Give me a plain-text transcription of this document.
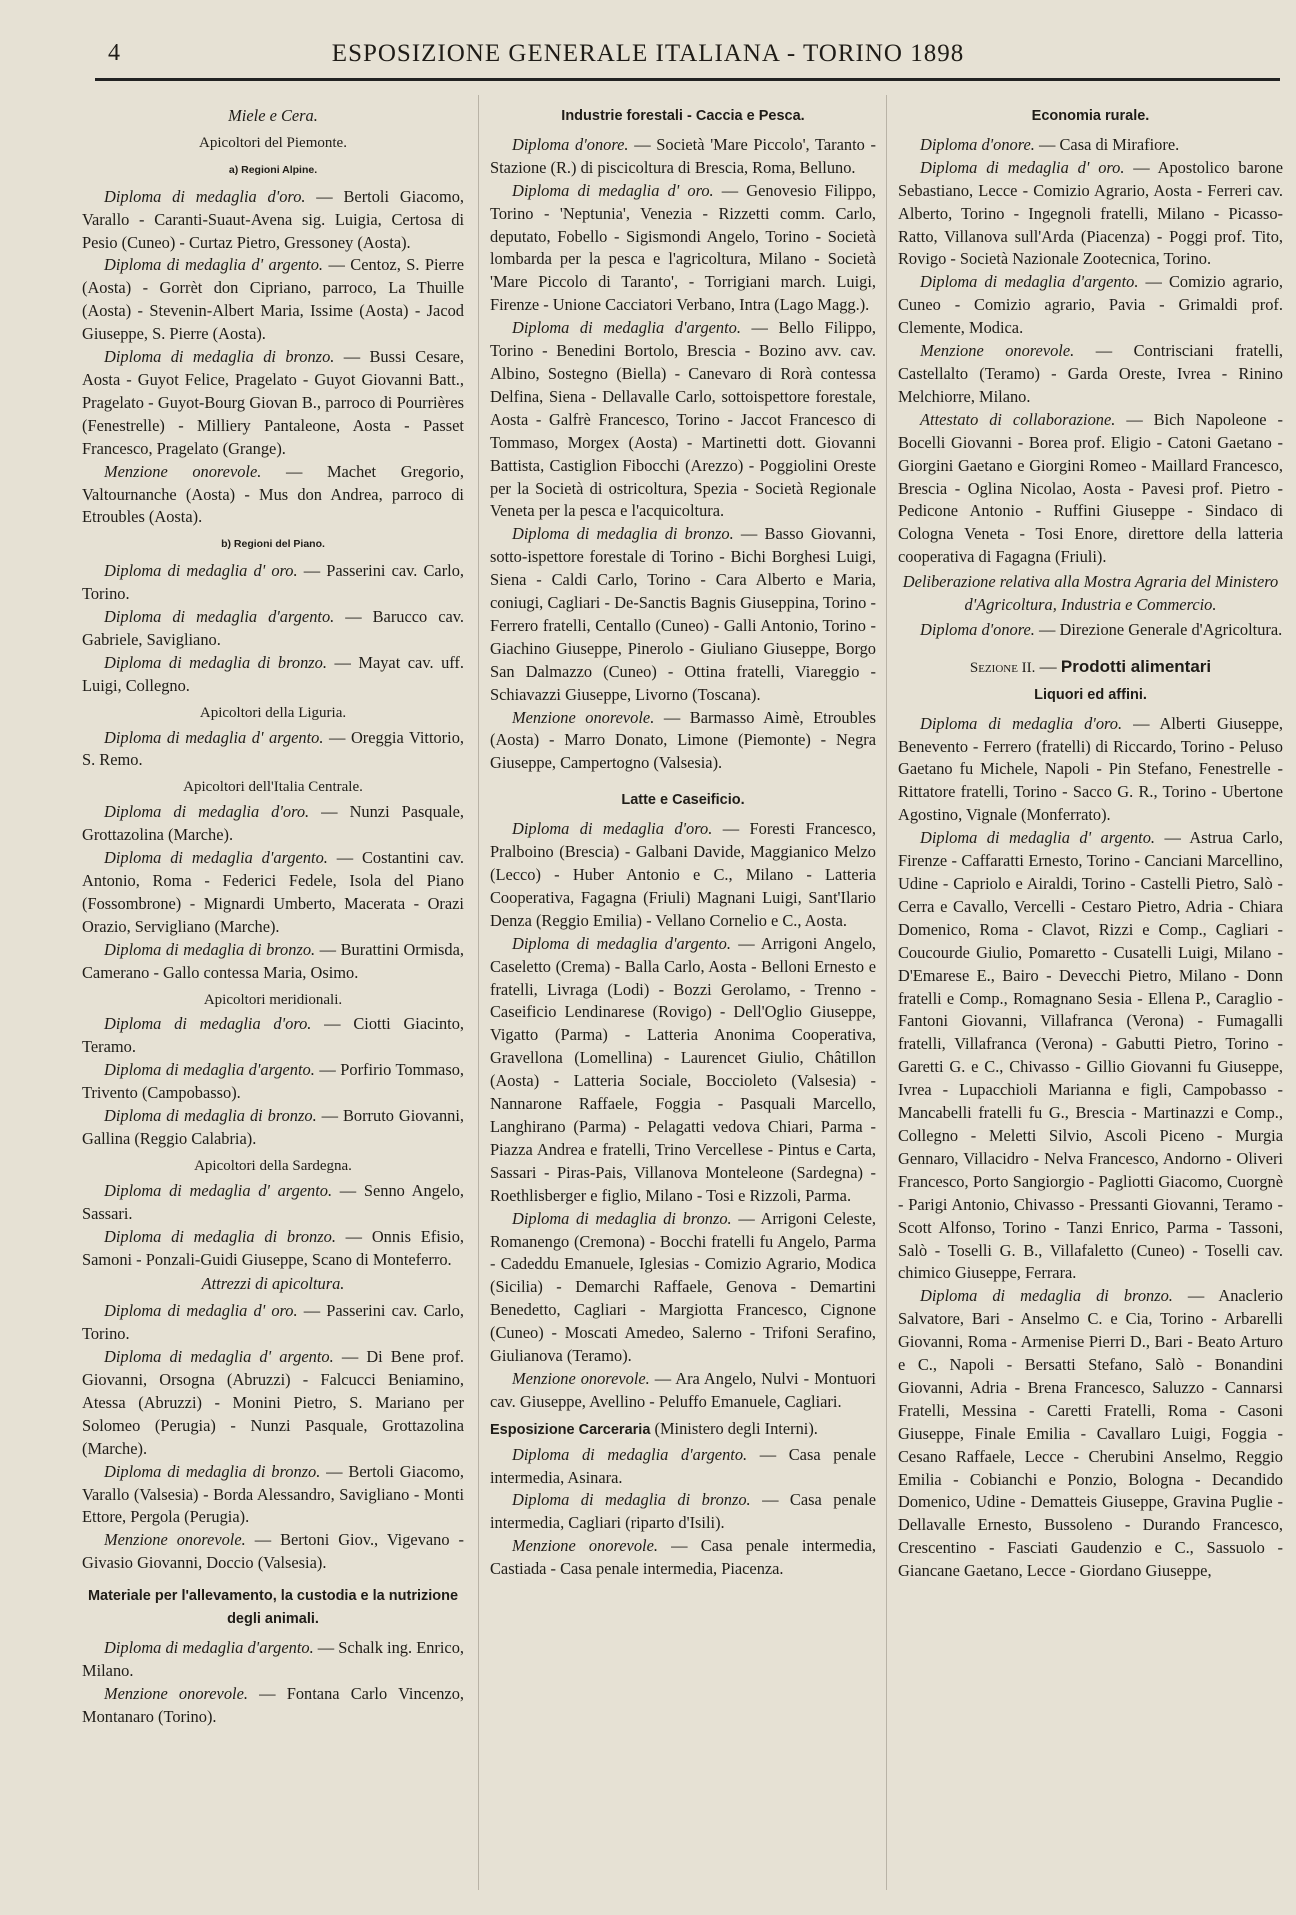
4	ESPOSIZIONE GENERALE ITALIANA - TORINO 1898
Miele e Cera.
Apicoltori del Piemonte.
a) Regioni Alpine.

Diploma di medaglia d'oro. — Bertoli Giacomo, Varallo - Caranti-Suaut-Avena sig. Luigia, Certosa di Pesio (Cuneo) - Curtaz Pietro, Gressoney (Aosta).

Diploma di medaglia d' argento. — Centoz, S. Pierre (Aosta) - Gorrèt don Cipriano, parroco, La Thuille (Aosta) - Stevenin-Albert Maria, Issime (Aosta) - Jacod Giuseppe, S. Pierre (Aosta).

Diploma di medaglia di bronzo. — Bussi Cesare, Aosta - Guyot Felice, Pragelato - Guyot Giovanni Batt., Pragelato - Guyot-Bourg Giovan B., parroco di Pourrières (Fenestrelle) - Milliery Pantaleone, Aosta - Passet Francesco, Pragelato (Grange).

Menzione onorevole. — Machet Gregorio, Valtournanche (Aosta) - Mus don Andrea, parroco di Etroubles (Aosta).

b) Regioni del Piano.

Diploma di medaglia d' oro. — Passerini cav. Carlo, Torino.

Diploma di medaglia d'argento. — Barucco cav. Gabriele, Savigliano.

Diploma di medaglia di bronzo. — Mayat cav. uff. Luigi, Collegno.

Apicoltori della Liguria.

Diploma di medaglia d' argento. — Oreggia Vittorio, S. Remo.

Apicoltori dell'Italia Centrale.

Diploma di medaglia d'oro. — Nunzi Pasquale, Grottazolina (Marche).

Diploma di medaglia d'argento. — Costantini cav. Antonio, Roma - Federici Fedele, Isola del Piano (Fossombrone) - Mignardi Umberto, Macerata - Orazi Orazio, Servigliano (Marche).

Diploma di medaglia di bronzo. — Burattini Ormisda, Camerano - Gallo contessa Maria, Osimo.

Apicoltori meridionali.

Diploma di medaglia d'oro. — Ciotti Giacinto, Teramo.

Diploma di medaglia d'argento. — Porfirio Tommaso, Trivento (Campobasso).

Diploma di medaglia di bronzo. — Borruto Giovanni, Gallina (Reggio Calabria).

Apicoltori della Sardegna.

Diploma di medaglia d' argento. — Senno Angelo, Sassari.

Diploma di medaglia di bronzo. — Onnis Efisio, Samoni - Ponzali-Guidi Giuseppe, Scano di Monteferro.

Attrezzi di apicoltura.

Diploma di medaglia d' oro. — Passerini cav. Carlo, Torino.

Diploma di medaglia d' argento. — Di Bene prof. Giovanni, Orsogna (Abruzzi) - Falcucci Beniamino, Atessa (Abruzzi) - Monini Pietro, S. Mariano per Solomeo (Perugia) - Nunzi Pasquale, Grottazolina (Marche).

Diploma di medaglia di bronzo. — Bertoli Giacomo, Varallo (Valsesia) - Borda Alessandro, Savigliano - Monti Ettore, Pergola (Perugia).

Menzione onorevole. — Bertoni Giov., Vigevano - Givasio Giovanni, Doccio (Valsesia).

Materiale per l'allevamento, la custodia e la nutrizione degli animali.

Diploma di medaglia d'argento. — Schalk ing. Enrico, Milano.

Menzione onorevole. — Fontana Carlo Vincenzo, Montanaro (Torino).

Industrie forestali - Caccia e Pesca.

Diploma d'onore. — Società 'Mare Piccolo', Taranto - Stazione (R.) di piscicoltura di Brescia, Roma, Belluno.

Diploma di medaglia d' oro. — Genovesio Filippo, Torino - 'Neptunia', Venezia - Rizzetti comm. Carlo, deputato, Fobello - Sigismondi Angelo, Torino - Società lombarda per la pesca e l'agricoltura, Milano - Società 'Mare Piccolo di Taranto', - Torrigiani march. Luigi, Firenze - Unione Cacciatori Verbano, Intra (Lago Magg.).

Diploma di medaglia d'argento. — Bello Filippo, Torino - Benedini Bortolo, Brescia - Bozino avv. cav. Albino, Sostegno (Biella) - Canevaro di Rorà contessa Delfina, Siena - Dellavalle Carlo, sottoispettore forestale, Aosta - Galfrè Francesco, Torino - Jaccot Francesco di Tommaso, Morgex (Aosta) - Martinetti dott. Giovanni Battista, Castiglion Fibocchi (Arezzo) - Poggiolini Oreste per la Società di ostricoltura, Spezia - Società Regionale Veneta per la pesca e l'acquicoltura.

Diploma di medaglia di bronzo. — Basso Giovanni, sotto-ispettore forestale di Torino - Bichi Borghesi Luigi, Siena - Caldi Carlo, Torino - Cara Alberto e Maria, coniugi, Cagliari - De-Sanctis Bagnis Giuseppina, Torino - Ferrero fratelli, Centallo (Cuneo) - Galli Antonio, Torino - Giachino Giuseppe, Pinerolo - Giuliano Giuseppe, Borgo San Dalmazzo (Cuneo) - Ottina fratelli, Viareggio - Schiavazzi Giuseppe, Livorno (Toscana).

Menzione onorevole. — Barmasso Aimè, Etroubles (Aosta) - Marro Donato, Limone (Piemonte) - Negra Giuseppe, Campertogno (Valsesia).

Latte e Caseificio.

Diploma di medaglia d'oro. — Foresti Francesco, Pralboino (Brescia) - Galbani Davide, Maggianico Melzo (Lecco) - Huber Antonio e C., Milano - Latteria Cooperativa, Fagagna (Friuli) Magnani Luigi, Sant'Ilario Denza (Reggio Emilia) - Vellano Cornelio e C., Aosta.

Diploma di medaglia d'argento. — Arrigoni Angelo, Caseletto (Crema) - Balla Carlo, Aosta - Belloni Ernesto e fratelli, Livraga (Lodi) - Bozzi Gerolamo, - Trenno - Caseificio Lendinarese (Rovigo) - Dell'Oglio Giuseppe, Vigatto (Parma) - Latteria Anonima Cooperativa, Gravellona (Lomellina) - Laurencet Giulio, Châtillon (Aosta) - Latteria Sociale, Boccioleto (Valsesia) - Nannarone Raffaele, Foggia - Pasquali Marcello, Langhirano (Parma) - Pelagatti vedova Chiari, Parma - Piazza Andrea e fratelli, Trino Vercellese - Pintus e Carta, Sassari - Piras-Pais, Villanova Monteleone (Sardegna) - Roethlisberger e figlio, Milano - Tosi e Rizzoli, Parma.

Diploma di medaglia di bronzo. — Arrigoni Celeste, Romanengo (Cremona) - Bocchi fratelli fu Angelo, Parma - Cadeddu Emanuele, Iglesias - Comizio Agrario, Modica (Sicilia) - Demarchi Raffaele, Genova - Demartini Benedetto, Cagliari - Margiotta Francesco, Cignone (Cuneo) - Moscati Amedeo, Salerno - Trifoni Serafino, Giulianova (Teramo).

Menzione onorevole. — Ara Angelo, Nulvi - Montuori cav. Giuseppe, Avellino - Peluffo Emanuele, Cagliari.

Esposizione Carceraria (Ministero degli Interni).

Diploma di medaglia d'argento. — Casa penale intermedia, Asinara.

Diploma di medaglia di bronzo. — Casa penale intermedia, Cagliari (riparto d'Isili).

Menzione onorevole. — Casa penale intermedia, Castiada - Casa penale intermedia, Piacenza.

Economia rurale.

Diploma d'onore. — Casa di Mirafiore.

Diploma di medaglia d' oro. — Apostolico barone Sebastiano, Lecce - Comizio Agrario, Aosta - Ferreri cav. Alberto, Torino - Ingegnoli fratelli, Milano - Picasso-Ratto, Villanova sull'Arda (Piacenza) - Poggi prof. Tito, Rovigo - Società Nazionale Zootecnica, Torino.

Diploma di medaglia d'argento. — Comizio agrario, Cuneo - Comizio agrario, Pavia - Grimaldi prof. Clemente, Modica.

Menzione onorevole. — Contrisciani fratelli, Castellalto (Teramo) - Garda Oreste, Ivrea - Rinino Melchiorre, Milano.

Attestato di collaborazione. — Bich Napoleone - Bocelli Giovanni - Borea prof. Eligio - Catoni Gaetano - Giorgini Gaetano e Giorgini Romeo - Maillard Francesco, Brescia - Oglina Nicolao, Aosta - Pavesi prof. Pietro - Pedicone Antonio - Ruffini Giuseppe - Sindaco di Cologna Veneta - Tosi Enore, direttore della latteria cooperativa di Fagagna (Friuli).

Deliberazione relativa alla Mostra Agraria del Ministero d'Agricoltura, Industria e Commercio.

Diploma d'onore. — Direzione Generale d'Agricoltura.

Sezione II. — Prodotti alimentari
Liquori ed affini.

Diploma di medaglia d'oro. — Alberti Giuseppe, Benevento - Ferrero (fratelli) di Riccardo, Torino - Peluso Gaetano fu Michele, Napoli - Pin Stefano, Fenestrelle - Rittatore fratelli, Torino - Sacco G. R., Torino - Ubertone Agostino, Vignale (Monferrato).

Diploma di medaglia d' argento. — Astrua Carlo, Firenze - Caffaratti Ernesto, Torino - Canciani Marcellino, Udine - Capriolo e Airaldi, Torino - Castelli Pietro, Salò - Cerra e Cavallo, Vercelli - Cestaro Pietro, Adria - Chiara Domenico, Roma - Clavot, Rizzi e Comp., Cagliari - Coucourde Giulio, Pomaretto - Cusatelli Luigi, Milano - D'Emarese E., Bairo - Devecchi Pietro, Milano - Donn fratelli e Comp., Romagnano Sesia - Ellena P., Caraglio - Fantoni Giovanni, Villafranca (Verona) - Fumagalli fratelli, Villafranca (Verona) - Gabutti Pietro, Torino - Garetti G. e C., Chivasso - Gillio Giovanni fu Giuseppe, Ivrea - Lupacchioli Marianna e figli, Campobasso - Mancabelli fratelli fu G., Brescia - Martinazzi e Comp., Collegno - Meletti Silvio, Ascoli Piceno - Murgia Gennaro, Villacidro - Nelva Francesco, Andorno - Oliveri Francesco, Porto Sangiorgio - Pagliotti Giacomo, Cuorgnè - Parigi Antonio, Chivasso - Pressanti Giovanni, Teramo - Scott Alfonso, Torino - Tanzi Enrico, Parma - Tassoni, Salò - Toselli G. B., Villafaletto (Cuneo) - Toselli cav. chimico Giuseppe, Ferrara.

Diploma di medaglia di bronzo. — Anaclerio Salvatore, Bari - Anselmo C. e Cia, Torino - Arbarelli Giovanni, Roma - Armenise Pierri D., Bari - Beato Arturo e C., Napoli - Bersatti Stefano, Salò - Bonandini Giovanni, Adria - Brena Francesco, Saluzzo - Cannarsi Fratelli, Messina - Caretti Fratelli, Roma - Casoni Giuseppe, Finale Emilia - Cavallaro Luigi, Foggia - Cesano Raffaele, Lecce - Cherubini Anselmo, Reggio Emilia - Cobianchi e Ponzio, Bologna - Decandido Domenico, Udine - Dematteis Giuseppe, Gravina Puglie - Dellavalle Ernesto, Bussoleno - Durando Francesco, Crescentino - Fasciati Gaudenzio e C., Sassuolo - Giancane Gaetano, Lecce - Giordano Giuseppe,
